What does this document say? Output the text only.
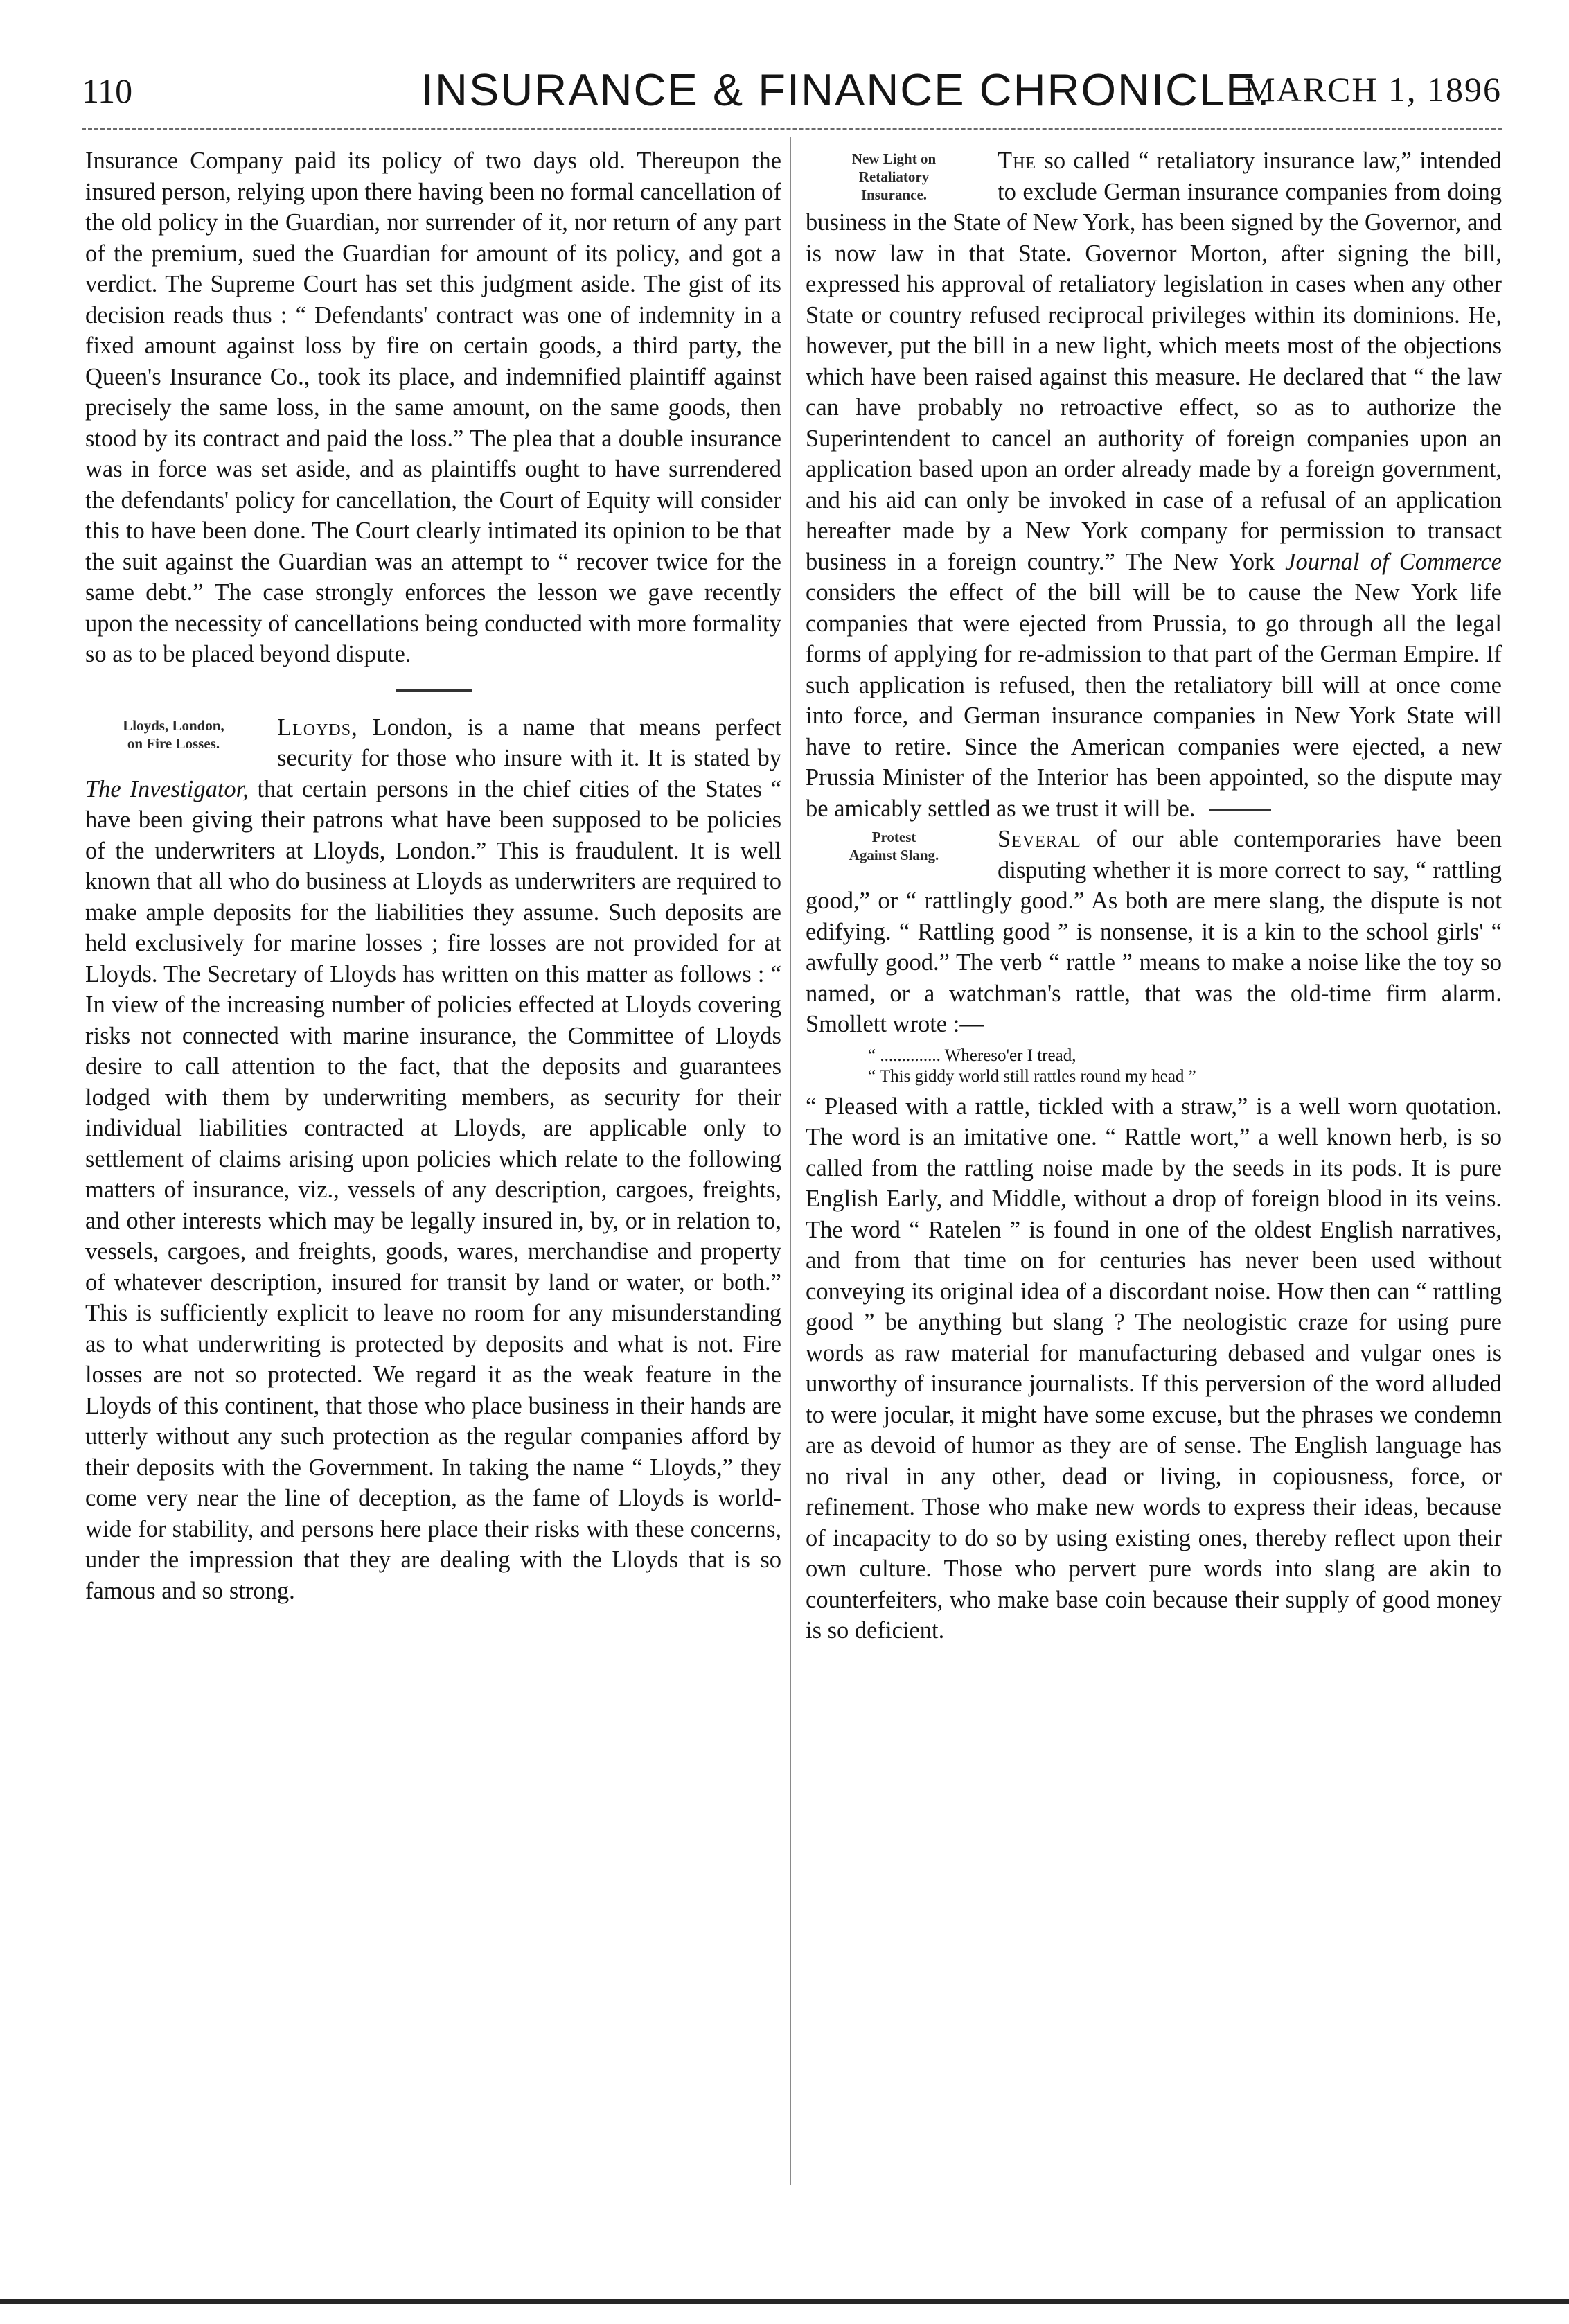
110	INSURANCE & FINANCE CHRONICLE.
MARCH 1, 1896

Insurance Company paid its policy of two days old. Thereupon the insured person, relying upon there having been no formal cancellation of the old policy in the Guardian, nor surrender of it, nor return of any part of the premium, sued the Guardian for amount of its policy, and got a verdict. The Supreme Court has set this judgment aside. The gist of its decision reads thus : “ Defendants' contract was one of indemnity in a fixed amount against loss by fire on certain goods, a third party, the Queen's Insurance Co., took its place, and indemnified plaintiff against precisely the same loss, in the same amount, on the same goods, then stood by its contract and paid the loss.” The plea that a double insurance was in force was set aside, and as plaintiffs ought to have surrendered the defendants' policy for cancellation, the Court of Equity will consider this to have been done. The Court clearly intimated its opinion to be that the suit against the Guardian was an attempt to “ recover twice for the same debt.” The case strongly enforces the lesson we gave recently upon the necessity of cancellations being conducted with more formality so as to be placed beyond dispute.

Lloyds, London,
on Fire Losses.

Lloyds, London, is a name that means perfect security for those who insure with it. It is stated by The Investigator, that certain persons in the chief cities of the States “ have been giving their patrons what have been supposed to be policies of the underwriters at Lloyds, London.” This is fraudulent. It is well known that all who do business at Lloyds as underwriters are required to make ample deposits for the liabilities they assume. Such deposits are held exclusively for marine losses ; fire losses are not provided for at Lloyds. The Secretary of Lloyds has written on this matter as follows : “ In view of the increasing number of policies effected at Lloyds covering risks not connected with marine insurance, the Committee of Lloyds desire to call attention to the fact, that the deposits and guarantees lodged with them by underwriting members, as security for their individual liabilities contracted at Lloyds, are applicable only to settlement of claims arising upon policies which relate to the following matters of insurance, viz., vessels of any description, cargoes, freights, and other interests which may be legally insured in, by, or in relation to, vessels, cargoes, and freights, goods, wares, merchandise and property of whatever description, insured for transit by land or water, or both.” This is sufficiently explicit to leave no room for any misunderstanding as to what underwriting is protected by deposits and what is not. Fire losses are not so protected. We regard it as the weak feature in the Lloyds of this continent, that those who place business in their hands are utterly without any such protection as the regular companies afford by their deposits with the Government. In taking the name “ Lloyds,” they come very near the line of deception, as the fame of Lloyds is world-wide for stability, and persons here place their risks with these concerns, under the impression that they are dealing with the Lloyds that is so famous and so strong.

New Light on
Retaliatory
Insurance.

The so called “ retaliatory insurance law,” intended to exclude German insurance companies from doing business in the State of New York, has been signed by the Governor, and is now law in that State. Governor Morton, after signing the bill, expressed his approval of retaliatory legislation in cases when any other State or country refused reciprocal privileges within its dominions. He, however, put the bill in a new light, which meets most of the objections which have been raised against this measure. He declared that “ the law can have probably no retroactive effect, so as to authorize the Superintendent to cancel an authority of foreign companies upon an application based upon an order already made by a foreign government, and his aid can only be invoked in case of a refusal of an application hereafter made by a New York company for permission to transact business in a foreign country.” The New York Journal of Commerce considers the effect of the bill will be to cause the New York life companies that were ejected from Prussia, to go through all the legal forms of applying for re-admission to that part of the German Empire. If such application is refused, then the retaliatory bill will at once come into force, and German insurance companies in New York State will have to retire. Since the American companies were ejected, a new Prussia Minister of the Interior has been appointed, so the dispute may be amicably settled as we trust it will be.

Protest
Against Slang.

Several of our able contemporaries have been disputing whether it is more correct to say, “ rattling good,” or “ rattlingly good.” As both are mere slang, the dispute is not edifying. “ Rattling good ” is nonsense, it is a kin to the school girls' “ awfully good.” The verb “ rattle ” means to make a noise like the toy so named, or a watchman's rattle, that was the old-time firm alarm. Smollett wrote :—

“ .............. Whereso'er I tread,
“ This giddy world still rattles round my head ”

“ Pleased with a rattle, tickled with a straw,” is a well worn quotation. The word is an imitative one. “ Rattle wort,” a well known herb, is so called from the rattling noise made by the seeds in its pods. It is pure English Early, and Middle, without a drop of foreign blood in its veins. The word “ Ratelen ” is found in one of the oldest English narratives, and from that time on for centuries has never been used without conveying its original idea of a discordant noise. How then can “ rattling good ” be anything but slang ? The neologistic craze for using pure words as raw material for manufacturing debased and vulgar ones is unworthy of insurance journalists. If this perversion of the word alluded to were jocular, it might have some excuse, but the phrases we condemn are as devoid of humor as they are of sense. The English language has no rival in any other, dead or living, in copiousness, force, or refinement. Those who make new words to express their ideas, because of incapacity to do so by using existing ones, thereby reflect upon their own culture. Those who pervert pure words into slang are akin to counterfeiters, who make base coin because their supply of good money is so deficient.
